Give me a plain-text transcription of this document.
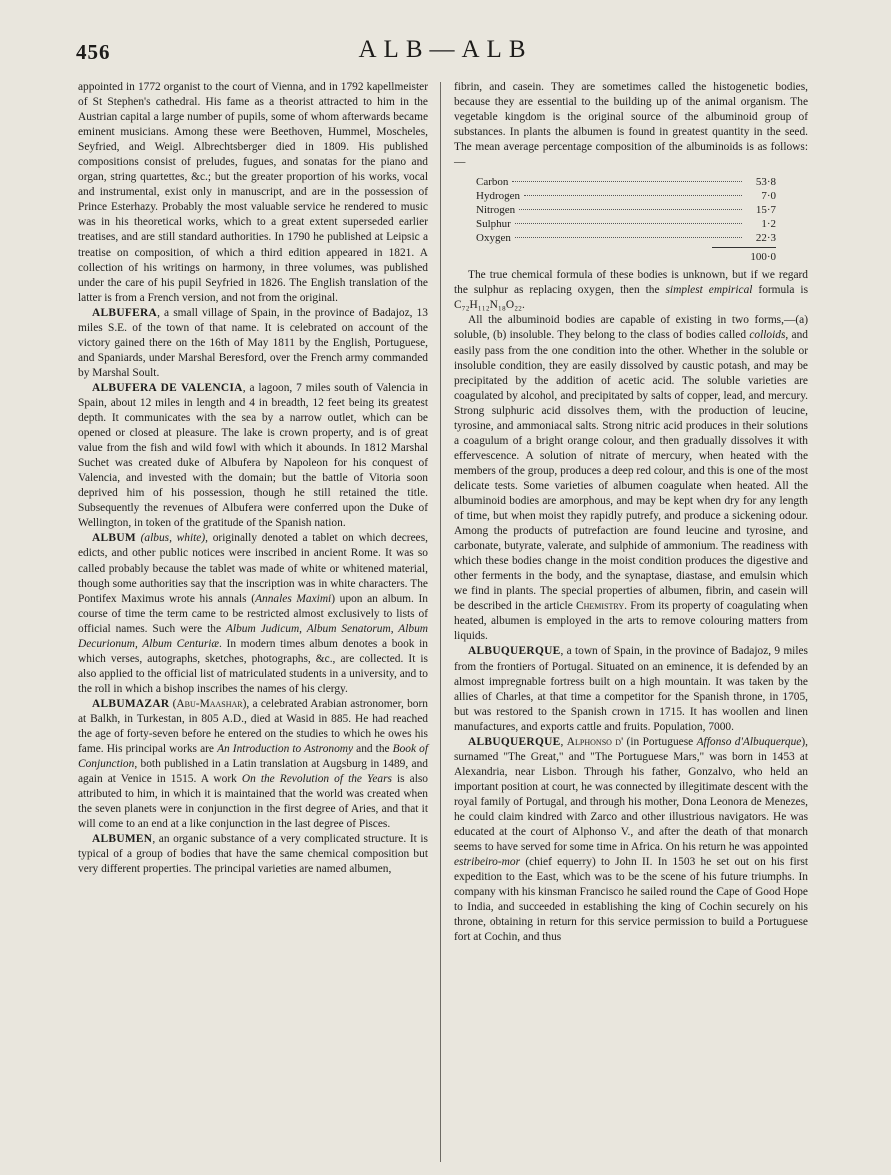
456	ALB—ALB

appointed in 1772 organist to the court of Vienna, and in 1792 kapellmeister of St Stephen's cathedral. His fame as a theorist attracted to him in the Austrian capital a large number of pupils, some of whom afterwards became eminent musicians. Among these were Beethoven, Hummel, Moscheles, Seyfried, and Weigl. Albrechtsberger died in 1809. His published compositions consist of preludes, fugues, and sonatas for the piano and organ, string quartettes, &c.; but the greater proportion of his works, vocal and instrumental, exist only in manuscript, and are in the possession of Prince Esterhazy. Probably the most valuable service he rendered to music was in his theoretical works, which to a great extent superseded earlier treatises, and are still standard authorities. In 1790 he published at Leipsic a treatise on composition, of which a third edition appeared in 1821. A collection of his writings on harmony, in three volumes, was published under the care of his pupil Seyfried in 1826. The English translation of the latter is from a French version, and not from the original.

ALBUFERA, a small village of Spain, in the province of Badajoz, 13 miles S.E. of the town of that name. It is celebrated on account of the victory gained there on the 16th of May 1811 by the English, Portuguese, and Spaniards, under Marshal Beresford, over the French army commanded by Marshal Soult.

ALBUFERA DE VALENCIA, a lagoon, 7 miles south of Valencia in Spain, about 12 miles in length and 4 in breadth, 12 feet being its greatest depth. It communicates with the sea by a narrow outlet, which can be opened or closed at pleasure. The lake is crown property, and is of great value from the fish and wild fowl with which it abounds. In 1812 Marshal Suchet was created duke of Albufera by Napoleon for his conquest of Valencia, and invested with the domain; but the battle of Vitoria soon deprived him of his possession, though he still retained the title. Subsequently the revenues of Albufera were conferred upon the Duke of Wellington, in token of the gratitude of the Spanish nation.

ALBUM (albus, white), originally denoted a tablet on which decrees, edicts, and other public notices were inscribed in ancient Rome. It was so called probably because the tablet was made of white or whitened material, though some authorities say that the inscription was in white characters. The Pontifex Maximus wrote his annals (Annales Maximi) upon an album. In course of time the term came to be restricted almost exclusively to lists of official names. Such were the Album Judicum, Album Senatorum, Album Decurionum, Album Centuriæ. In modern times album denotes a book in which verses, autographs, sketches, photographs, &c., are collected. It is also applied to the official list of matriculated students in a university, and to the roll in which a bishop inscribes the names of his clergy.

ALBUMAZAR (Abu-Maashar), a celebrated Arabian astronomer, born at Balkh, in Turkestan, in 805 A.D., died at Wasid in 885. He had reached the age of forty-seven before he entered on the studies to which he owes his fame. His principal works are An Introduction to Astronomy and the Book of Conjunction, both published in a Latin translation at Augsburg in 1489, and again at Venice in 1515. A work On the Revolution of the Years is also attributed to him, in which it is maintained that the world was created when the seven planets were in conjunction in the first degree of Aries, and that it will come to an end at a like conjunction in the last degree of Pisces.

ALBUMEN, an organic substance of a very complicated structure. It is typical of a group of bodies that have the same chemical composition but very different properties. The principal varieties are named albumen,

fibrin, and casein. They are sometimes called the histogenetic bodies, because they are essential to the building up of the animal organism. The vegetable kingdom is the original source of the albuminoid group of substances. In plants the albumen is found in greatest quantity in the seed. The mean average percentage composition of the albuminoids is as follows:—

Carbon	53·8
Hydrogen	7·0
Nitrogen	15·7
Sulphur	1·2
Oxygen	22·3
100·0

The true chemical formula of these bodies is unknown, but if we regard the sulphur as replacing oxygen, then the simplest empirical formula is C₇₂H₁₁₂N₁₈O₂₂.

All the albuminoid bodies are capable of existing in two forms,—(a) soluble, (b) insoluble. They belong to the class of bodies called colloids, and easily pass from the one condition into the other. Whether in the soluble or insoluble condition, they are easily dissolved by caustic potash, and may be precipitated by the addition of acetic acid. The soluble varieties are coagulated by alcohol, and precipitated by salts of copper, lead, and mercury. Strong sulphuric acid dissolves them, with the production of leucine, tyrosine, and ammoniacal salts. Strong nitric acid produces in their solutions a coagulum of a bright orange colour, and then gradually dissolves it with effervescence. A solution of nitrate of mercury, when heated with the members of the group, produces a deep red colour, and this is one of the most delicate tests. Some varieties of albumen coagulate when heated. All the albuminoid bodies are amorphous, and may be kept when dry for any length of time, but when moist they rapidly putrefy, and produce a sickening odour. Among the products of putrefaction are found leucine and tyrosine, and carbonate, butyrate, valerate, and sulphide of ammonium. The readiness with which these bodies change in the moist condition produces the digestive and other ferments in the body, and the synaptase, diastase, and emulsin which we find in plants. The special properties of albumen, fibrin, and casein will be described in the article Chemistry. From its property of coagulating when heated, albumen is employed in the arts to remove colouring matters from liquids.

ALBUQUERQUE, a town of Spain, in the province of Badajoz, 9 miles from the frontiers of Portugal. Situated on an eminence, it is defended by an almost impregnable fortress built on a high mountain. It was taken by the allies of Charles, at that time a competitor for the Spanish throne, in 1705, but was restored to the Spanish crown in 1715. It has woollen and linen manufactures, and exports cattle and fruits. Population, 7000.

ALBUQUERQUE, Alphonso d' (in Portuguese Affonso d'Albuquerque), surnamed "The Great," and "The Portuguese Mars," was born in 1453 at Alexandria, near Lisbon. Through his father, Gonzalvo, who held an important position at court, he was connected by illegitimate descent with the royal family of Portugal, and through his mother, Dona Leonora de Menezes, he could claim kindred with Zarco and other illustrious navigators. He was educated at the court of Alphonso V., and after the death of that monarch seems to have served for some time in Africa. On his return he was appointed estribeiro-mor (chief equerry) to John II. In 1503 he set out on his first expedition to the East, which was to be the scene of his future triumphs. In company with his kinsman Francisco he sailed round the Cape of Good Hope to India, and succeeded in establishing the king of Cochin securely on his throne, obtaining in return for this service permission to build a Portuguese fort at Cochin, and thus
